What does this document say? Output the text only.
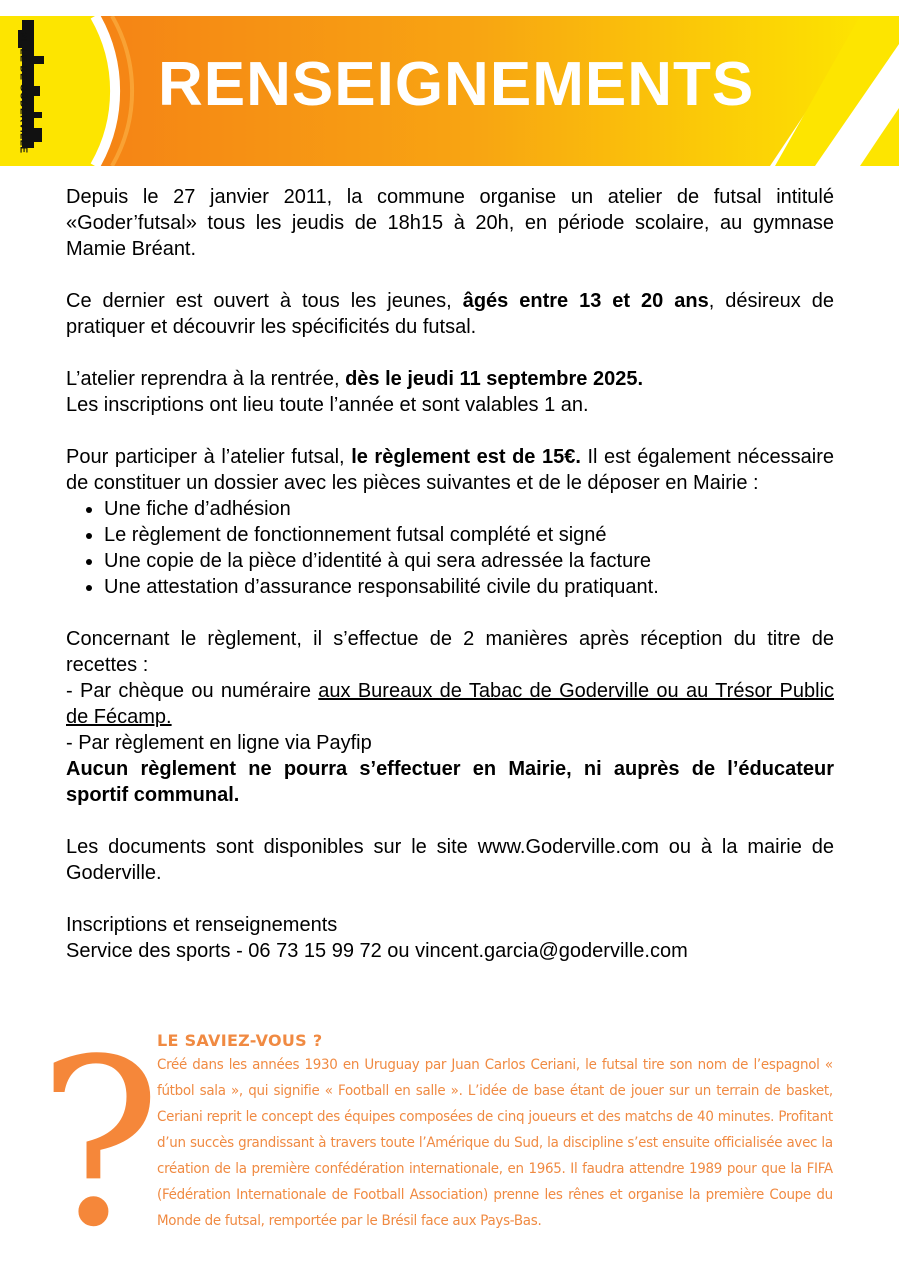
VILLE DE GODERVILLE RENSEIGNEMENTS

Depuis le 27 janvier 2011, la commune organise un atelier de futsal intitulé «Goder’futsal» tous les jeudis de 18h15 à 20h, en période scolaire, au gymnase Mamie Bréant.

Ce dernier est ouvert à tous les jeunes, âgés entre 13 et 20 ans, désireux de pratiquer et découvrir les spécificités du futsal.

L’atelier reprendra à la rentrée, dès le jeudi 11 septembre 2025.
Les inscriptions ont lieu toute l’année et sont valables 1 an.

Pour participer à l’atelier futsal, le règlement est de 15€. Il est également nécessaire de constituer un dossier avec les pièces suivantes et de le déposer en Mairie :

• Une fiche d’adhésion
• Le règlement de fonctionnement futsal complété et signé
• Une copie de la pièce d’identité à qui sera adressée la facture
• Une attestation d’assurance responsabilité civile du pratiquant.

Concernant le règlement, il s’effectue de 2 manières après réception du titre de recettes :
- Par chèque ou numéraire aux Bureaux de Tabac de Goderville ou au Trésor Public de Fécamp.
- Par règlement en ligne via Payfip
Aucun règlement ne pourra s’effectuer en Mairie, ni auprès de l’éducateur sportif communal.

Les documents sont disponibles sur le site www.Goderville.com ou à la mairie de Goderville.

Inscriptions et renseignements
Service des sports - 06 73 15 99 72 ou vincent.garcia@goderville.com

?
LE SAVIEZ-VOUS ?
Créé dans les années 1930 en Uruguay par Juan Carlos Ceriani, le futsal tire son nom de l’espagnol « fútbol sala », qui signifie « Football en salle ». L’idée de base étant de jouer sur un terrain de basket, Ceriani reprit le concept des équipes composées de cinq joueurs et des matchs de 40 minutes. Profitant d’un succès grandissant à travers toute l’Amérique du Sud, la discipline s’est ensuite officialisée avec la création de la première confédération internationale, en 1965. Il faudra attendre 1989 pour que la FIFA (Fédération Internationale de Football Association) prenne les rênes et organise la première Coupe du Monde de futsal, remportée par le Brésil face aux Pays-Bas.
